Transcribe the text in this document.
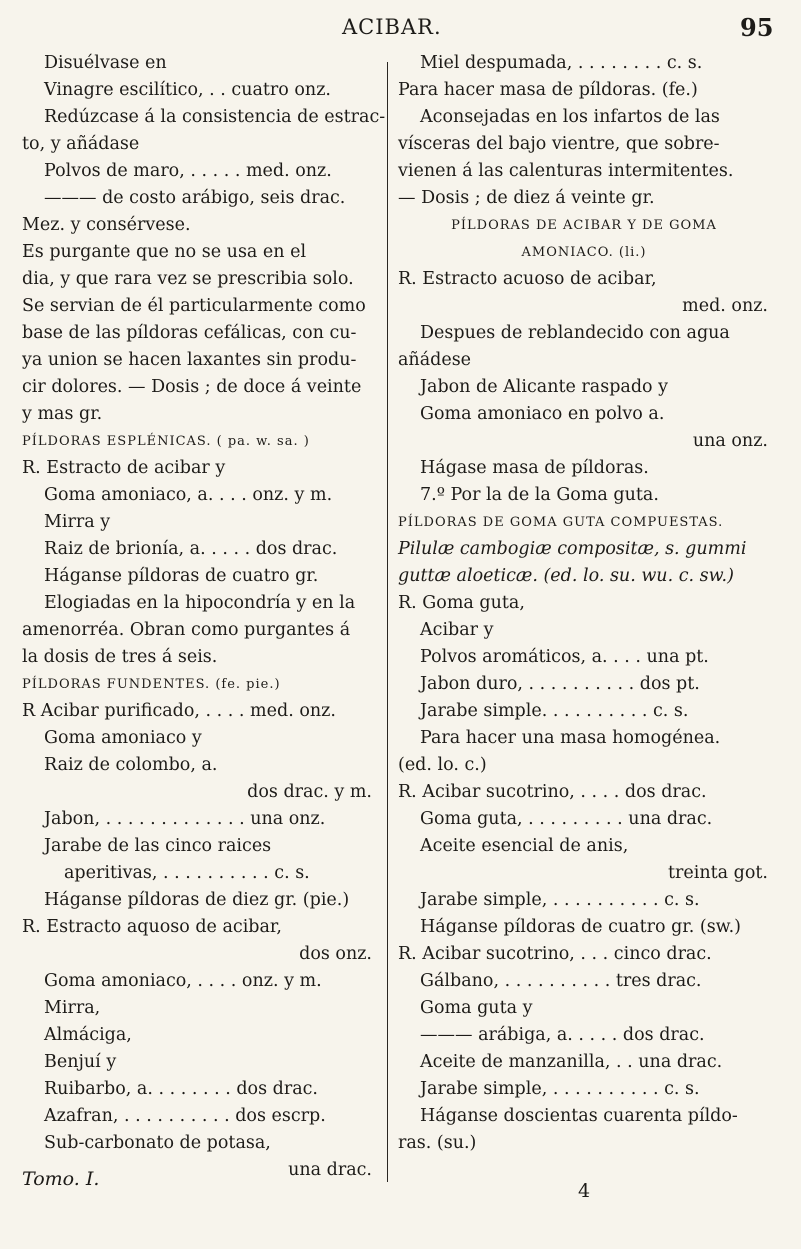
ACIBAR.	95
Disuélvase en
Vinagre escilítico, . . cuatro onz.
Redúzcase á la consistencia de estrac-
to, y añádase
Polvos de maro, . . . . . med. onz.
——— de costo arábigo, seis drac.
Mez. y consérvese.
Es purgante que no se usa en el
dia, y que rara vez se prescribia solo.
Se servian de él particularmente como
base de las píldoras cefálicas, con cu-
ya union se hacen laxantes sin produ-
cir dolores. — Dosis ; de doce á veinte
y mas gr.
PÍLDORAS ESPLÉNICAS. ( pa. w. sa. )
R. Estracto de acibar y
Goma amoniaco, a. . . . onz. y m.
Mirra y
Raiz de brionía, a. . . . . dos drac.
Háganse píldoras de cuatro gr.
Elogiadas en la hipocondría y en la
amenorréa. Obran como purgantes á
la dosis de tres á seis.
PÍLDORAS FUNDENTES. (fe. pie.)
R Acibar purificado, . . . . med. onz.
Goma amoniaco y
Raiz de colombo, a.
dos drac. y m.
Jabon, . . . . . . . . . . . . . una onz.
Jarabe de las cinco raices
aperitivas, . . . . . . . . . . c. s.
Háganse píldoras de diez gr. (pie.)
R. Estracto aquoso de acibar,
dos onz.
Goma amoniaco, . . . . onz. y m.
Mirra,
Almáciga,
Benjuí y
Ruibarbo, a. . . . . . . . dos drac.
Azafran, . . . . . . . . . . dos escrp.
Sub-carbonato de potasa,
una drac.
Miel despumada, . . . . . . . . c. s.
Para hacer masa de píldoras. (fe.)
Aconsejadas en los infartos de las
vísceras del bajo vientre, que sobre-
vienen á las calenturas intermitentes.
— Dosis ; de diez á veinte gr.
PÍLDORAS DE ACIBAR Y DE GOMA
AMONIACO. (li.)
R. Estracto acuoso de acibar,
med. onz.
Despues de reblandecido con agua
añádese
Jabon de Alicante raspado y
Goma amoniaco en polvo a.
una onz.
Hágase masa de píldoras.
7.º Por la de la Goma guta.
PÍLDORAS DE GOMA GUTA COMPUESTAS.
Pilulæ cambogiæ compositæ, s. gummi
guttæ aloeticæ. (ed. lo. su. wu. c. sw.)
R. Goma guta,
Acibar y
Polvos aromáticos, a. . . . una pt.
Jabon duro, . . . . . . . . . . dos pt.
Jarabe simple. . . . . . . . . . c. s.
Para hacer una masa homogénea.
(ed. lo. c.)
R. Acibar sucotrino, . . . . dos drac.
Goma guta, . . . . . . . . . una drac.
Aceite esencial de anis,
treinta got.
Jarabe simple, . . . . . . . . . . c. s.
Háganse píldoras de cuatro gr. (sw.)
R. Acibar sucotrino, . . . cinco drac.
Gálbano, . . . . . . . . . . tres drac.
Goma guta y
——— arábiga, a. . . . . dos drac.
Aceite de manzanilla, . . una drac.
Jarabe simple, . . . . . . . . . . c. s.
Háganse doscientas cuarenta píldo-
ras. (su.)
Tomo. I.
4
